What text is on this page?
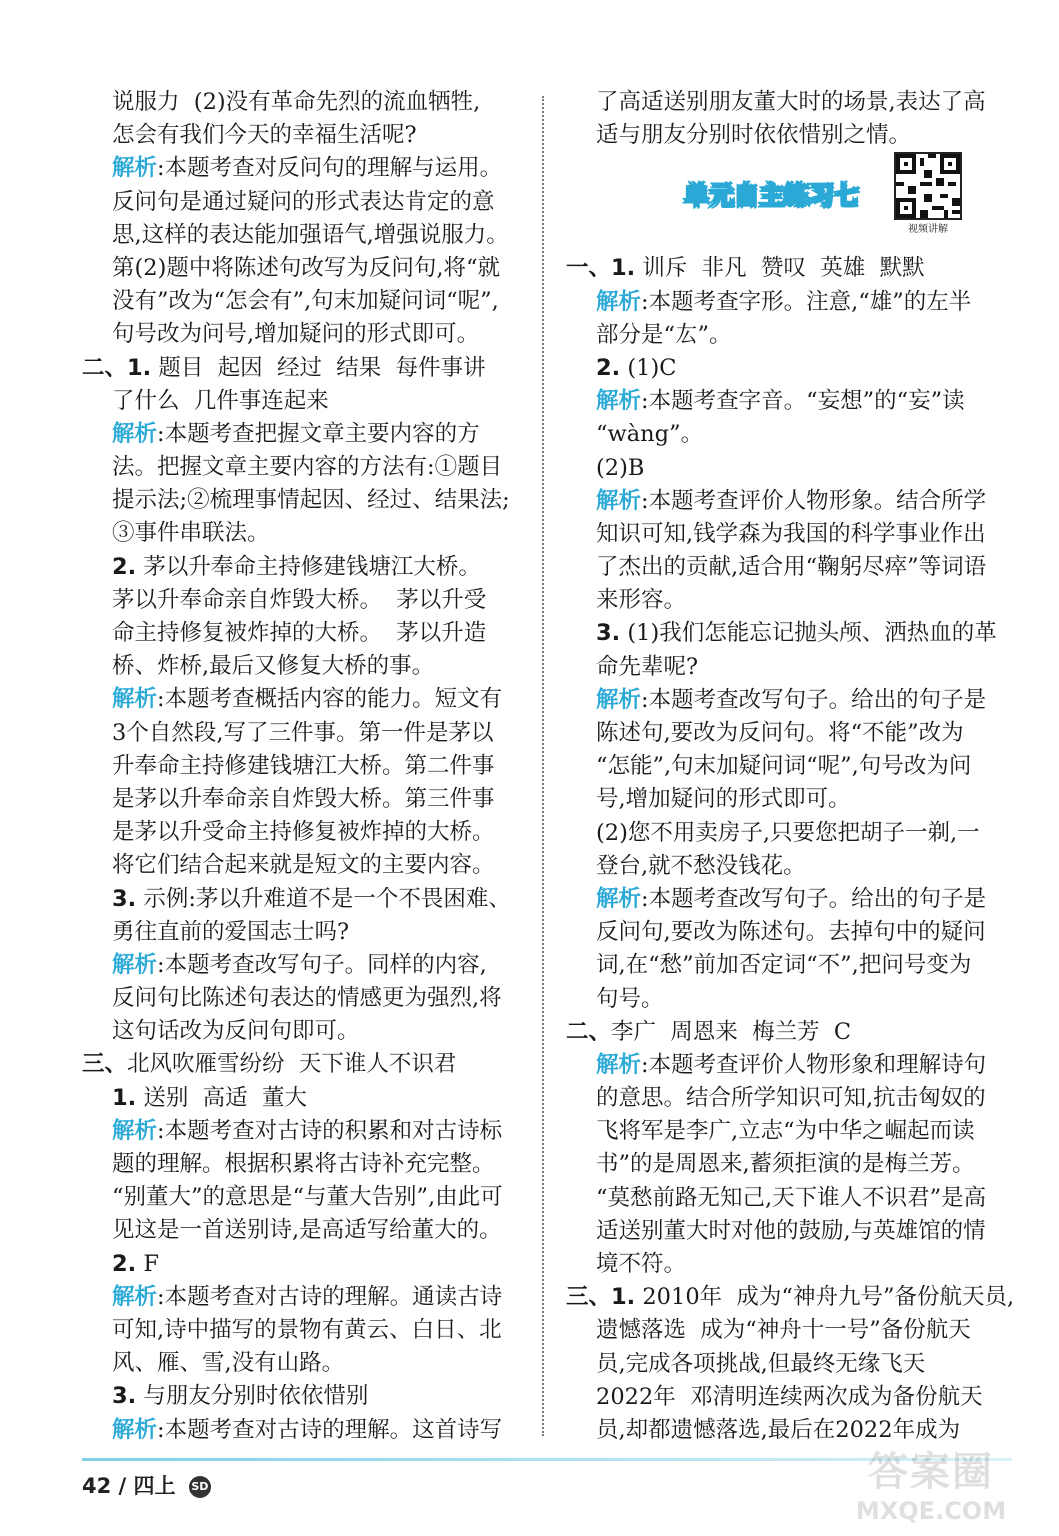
说服力  (2)没有革命先烈的流血牺牲,
怎会有我们今天的幸福生活呢?
解析:本题考查对反问句的理解与运用。
反问句是通过疑问的形式表达肯定的意
思,这样的表达能加强语气,增强说服力。
第(2)题中将陈述句改写为反问句,将“就
没有”改为“怎会有”,句末加疑问词“呢”,
句号改为问号,增加疑问的形式即可。
二、1. 题目  起因  经过  结果  每件事讲
了什么  几件事连起来
解析:本题考查把握文章主要内容的方
法。把握文章主要内容的方法有:①题目
提示法;②梳理事情起因、经过、结果法;
③事件串联法。
2. 茅以升奉命主持修建钱塘江大桥。
茅以升奉命亲自炸毁大桥。  茅以升受
命主持修复被炸掉的大桥。  茅以升造
桥、炸桥,最后又修复大桥的事。
解析:本题考查概括内容的能力。短文有
3个自然段,写了三件事。第一件是茅以
升奉命主持修建钱塘江大桥。第二件事
是茅以升奉命亲自炸毁大桥。第三件事
是茅以升受命主持修复被炸掉的大桥。
将它们结合起来就是短文的主要内容。
3. 示例:茅以升难道不是一个不畏困难、
勇往直前的爱国志士吗?
解析:本题考查改写句子。同样的内容,
反问句比陈述句表达的情感更为强烈,将
这句话改为反问句即可。
三、北风吹雁雪纷纷  天下谁人不识君
1. 送别  高适  董大
解析:本题考查对古诗的积累和对古诗标
题的理解。根据积累将古诗补充完整。
“别董大”的意思是“与董大告别”,由此可
见这是一首送别诗,是高适写给董大的。
2. F
解析:本题考查对古诗的理解。通读古诗
可知,诗中描写的景物有黄云、白日、北
风、雁、雪,没有山路。
3. 与朋友分别时依依惜别
解析:本题考查对古诗的理解。这首诗写
了高适送别朋友董大时的场景,表达了高
适与朋友分别时依依惜别之情。
单元自主练习七
视频讲解
一、1. 训斥  非凡  赞叹  英雄  默默
解析:本题考查字形。注意,“雄”的左半
部分是“厷”。
2. (1)C
解析:本题考查字音。“妄想”的“妄”读
“wàng”。
(2)B
解析:本题考查评价人物形象。结合所学
知识可知,钱学森为我国的科学事业作出
了杰出的贡献,适合用“鞠躬尽瘁”等词语
来形容。
3. (1)我们怎能忘记抛头颅、洒热血的革
命先辈呢?
解析:本题考查改写句子。给出的句子是
陈述句,要改为反问句。将“不能”改为
“怎能”,句末加疑问词“呢”,句号改为问
号,增加疑问的形式即可。
(2)您不用卖房子,只要您把胡子一剃,一
登台,就不愁没钱花。
解析:本题考查改写句子。给出的句子是
反问句,要改为陈述句。去掉句中的疑问
词,在“愁”前加否定词“不”,把问号变为
句号。
二、李广  周恩来  梅兰芳  C
解析:本题考查评价人物形象和理解诗句
的意思。结合所学知识可知,抗击匈奴的
飞将军是李广,立志“为中华之崛起而读
书”的是周恩来,蓄须拒演的是梅兰芳。
“莫愁前路无知己,天下谁人不识君”是高
适送别董大时对他的鼓励,与英雄馆的情
境不符。
三、1. 2010年  成为“神舟九号”备份航天员,
遗憾落选  成为“神舟十一号”备份航天
员,完成各项挑战,但最终无缘飞天
2022年  邓清明连续两次成为备份航天
员,却都遗憾落选,最后在2022年成为
42 / 四上 SD	答案圈
MXQE.COM
